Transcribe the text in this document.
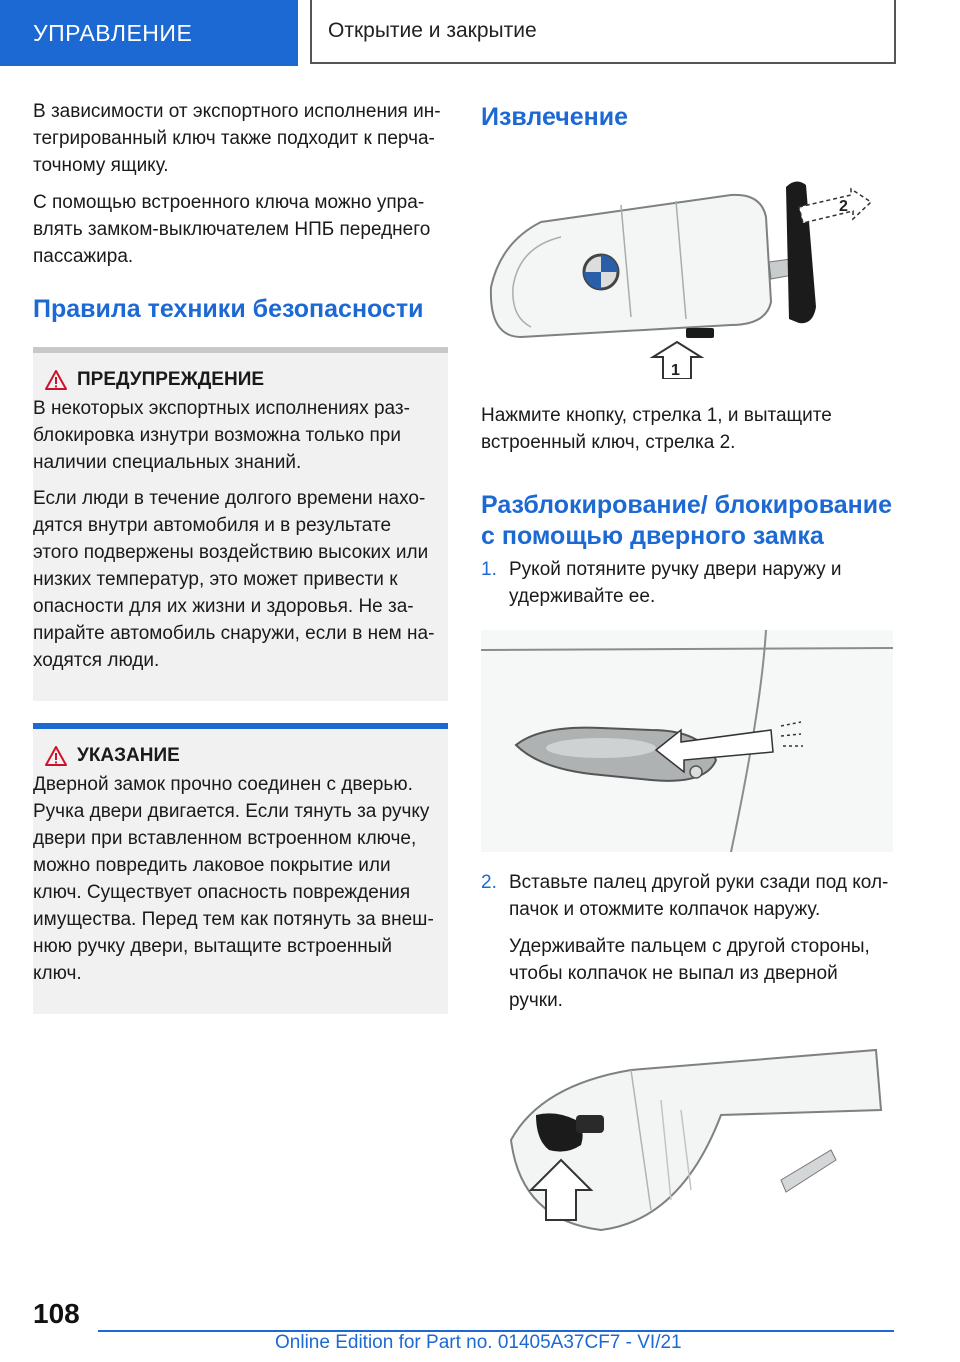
УПРАВЛЕНИЕ	Открытие и закрытие

В зависимости от экспортного исполнения интегрированный ключ также подходит к перчаточному ящику.

С помощью встроенного ключа можно управлять замком-выключателем НПБ переднего пассажира.

Правила техники безопасности
ПРЕДУПРЕЖДЕНИЕ

В некоторых экспортных исполнениях разблокировка изнутри возможна только при наличии специальных знаний.

Если люди в течение долгого времени находятся внутри автомобиля и в результате этого подвержены воздействию высоких или низких температур, это может привести к опасности для их жизни и здоровья. Не запирайте автомобиль снаружи, если в нем находятся люди.

УКАЗАНИЕ

Дверной замок прочно соединен с дверью. Ручка двери двигается. Если тянуть за ручку двери при вставленном встроенном ключе, можно повредить лаковое покрытие или ключ. Существует опасность повреждения имущества. Перед тем как потянуть за внешнюю ручку двери, вытащите встроенный ключ.

Извлечение
2
1

Нажмите кнопку, стрелка 1, и вытащите встроенный ключ, стрелка 2.

Разблокирование/ блокирование с помощью дверного замка
1. Рукой потяните ручку двери наружу и удерживайте ее.

2. Вставьте палец другой руки сзади под колпачок и отожмите колпачок наружу.

Удерживайте пальцем с другой стороны, чтобы колпачок не выпал из дверной ручки.

108
Online Edition for Part no. 01405A37CF7 - VI/21
